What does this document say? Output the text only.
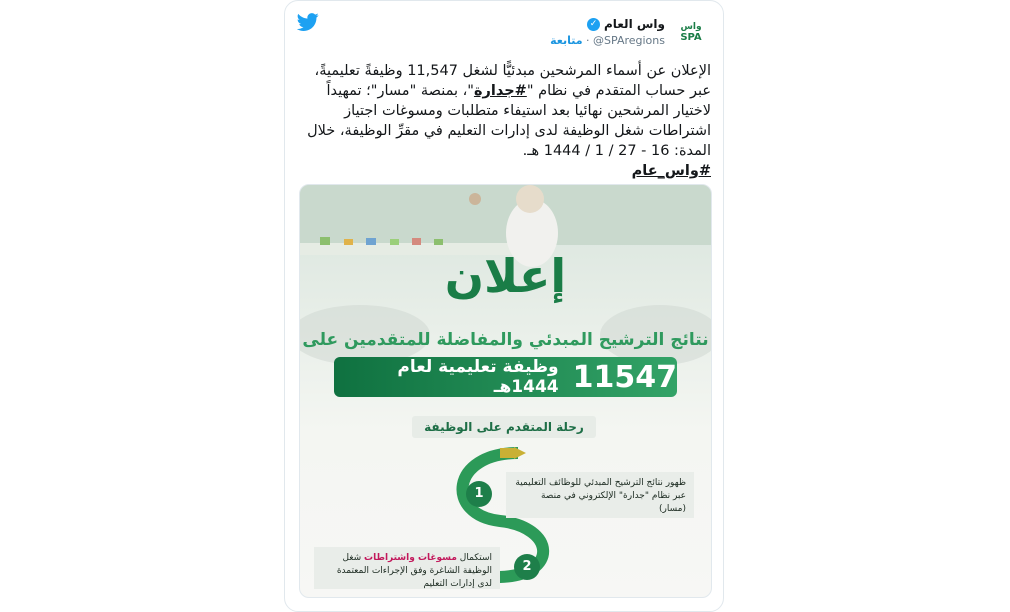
واس
SPA
واس العام
✓
@SPAregions · متابعة
الإعلان عن أسماء المرشحين مبدئيًّا لشغل 11,547 وظيفةً تعليميةً، عبر حساب المتقدم في نظام "#جدارة"، بمنصة "مسار"؛ تمهيداً لاختيار المرشحين نهائيا بعد استيفاء متطلبات ومسوغات اجتياز اشتراطات شغل الوظيفة لدى إدارات التعليم في مقرِّ الوظيفة، خلال المدة: 16 - 27 / 1 / 1444 هـ.
#واس_عام
إعلان
نتائج الترشيح المبدئي والمفاضلة للمتقدمين على
11547
وظيفة تعليمية لعام 1444هـ
رحلة المتقدم على الوظيفة
1
ظهور نتائج الترشيح المبدئي للوظائف التعليمية عبر نظام "جدارة" الإلكتروني في منصة (مسار)
2
استكمال مسوغات واشتراطات شغل الوظيفة الشاغرة وفق الإجراءات المعتمدة لدى إدارات التعليم
